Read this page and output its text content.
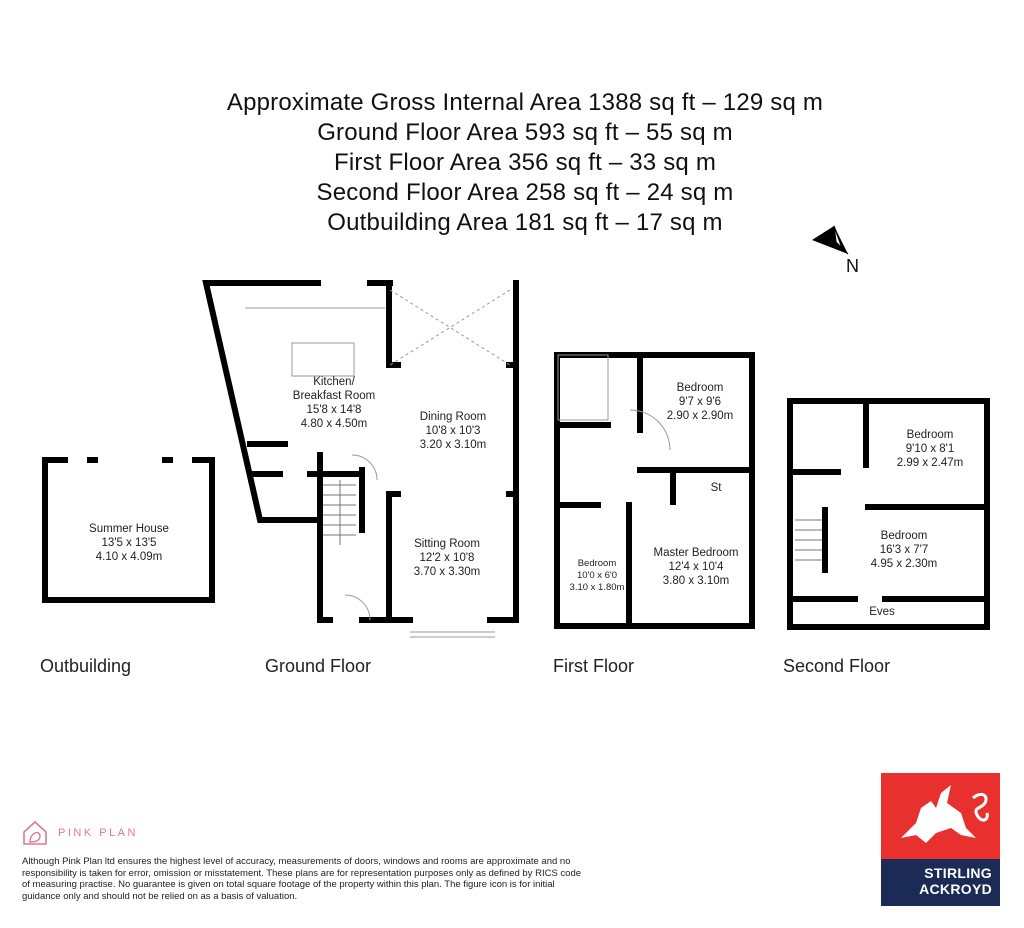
Approximate Gross Internal Area 1388 sq ft – 129 sq m
Ground Floor Area 593 sq ft – 55 sq m
First Floor Area 356 sq ft – 33 sq m
Second Floor Area 258 sq ft – 24 sq m
Outbuilding Area 181 sq ft – 17 sq m
N
Summer House
13'5 x 13'5
4.10 x 4.09m
Kitchen/
Breakfast Room
15'8 x 14'8
4.80 x 4.50m
Dining Room
10'8 x 10'3
3.20 x 3.10m
Sitting Room
12'2 x 10'8
3.70 x 3.30m
Bedroom
9'7 x 9'6
2.90 x 2.90m
St
Master Bedroom
12'4 x 10'4
3.80 x 3.10m
Bedroom
10'0 x 6'0
3.10 x 1.80m
Bedroom
9'10 x 8'1
2.99 x 2.47m
Bedroom
16'3 x 7'7
4.95 x 2.30m
Eves
Outbuilding	Ground Floor	First Floor	Second Floor
PINK PLAN
Although Pink Plan ltd ensures the highest level of accuracy, measurements of doors, windows and rooms are approximate and no responsibility is taken for error, omission or misstatement. These plans are for representation purposes only as defined by RICS code of measuring practise. No guarantee is given on total square footage of the property within this plan. The figure icon is for initial guidance only and should not be relied on as a basis of valuation.
STIRLING
ACKROYD
